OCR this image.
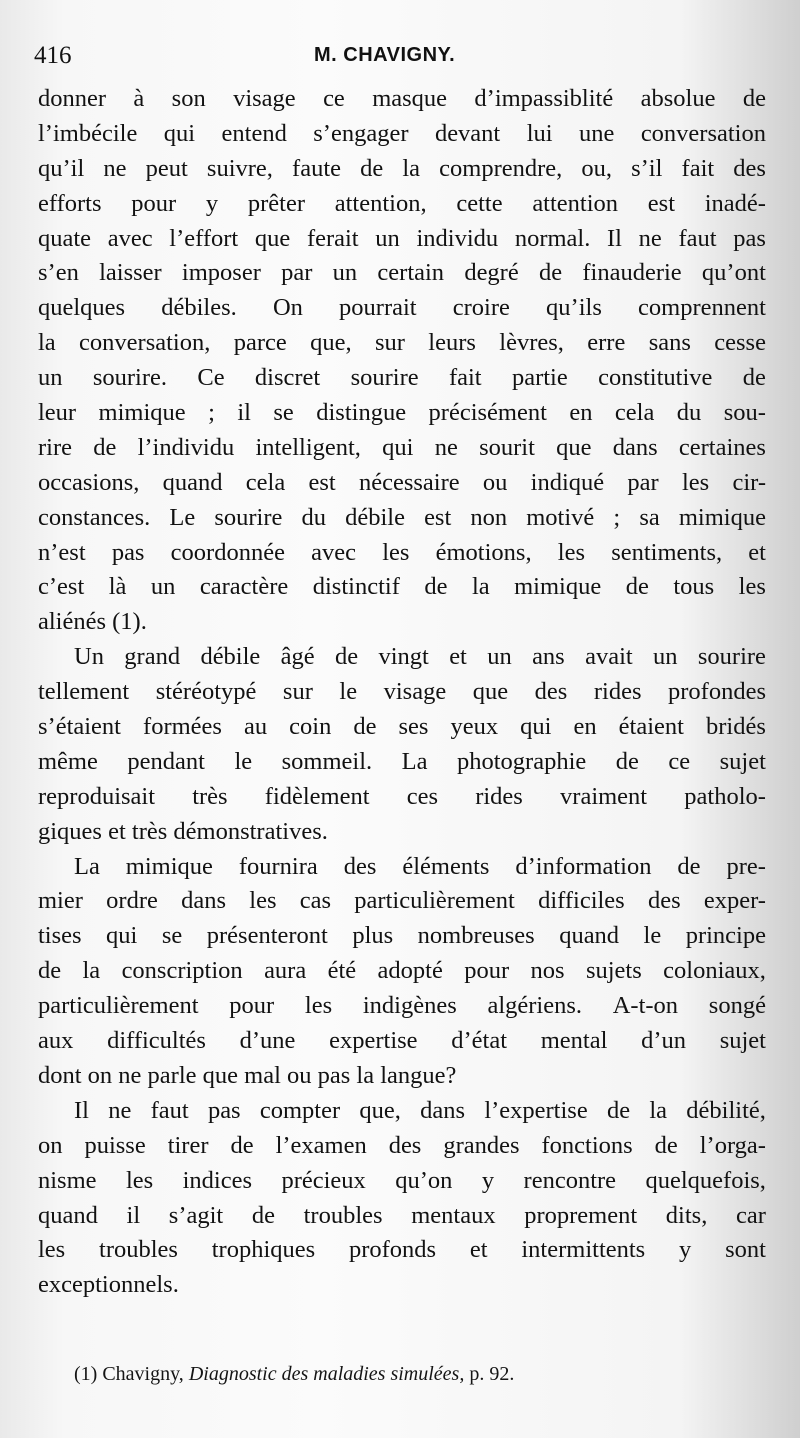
416	M. CHAVIGNY.
donner à son visage ce masque d’impassiblité absolue de
l’imbécile qui entend s’engager devant lui une conversation
qu’il ne peut suivre, faute de la comprendre, ou, s’il fait des
efforts pour y prêter attention, cette attention est inadé-
quate avec l’effort que ferait un individu normal. Il ne faut pas
s’en laisser imposer par un certain degré de finauderie qu’ont
quelques débiles. On pourrait croire qu’ils comprennent
la conversation, parce que, sur leurs lèvres, erre sans cesse
un sourire. Ce discret sourire fait partie constitutive de
leur mimique ; il se distingue précisément en cela du sou-
rire de l’individu intelligent, qui ne sourit que dans certaines
occasions, quand cela est nécessaire ou indiqué par les cir-
constances. Le sourire du débile est non motivé ; sa mimique
n’est pas coordonnée avec les émotions, les sentiments, et
c’est là un caractère distinctif de la mimique de tous les
aliénés (1).
Un grand débile âgé de vingt et un ans avait un sourire
tellement stéréotypé sur le visage que des rides profondes
s’étaient formées au coin de ses yeux qui en étaient bridés
même pendant le sommeil. La photographie de ce sujet
reproduisait très fidèlement ces rides vraiment patholo-
giques et très démonstratives.
La mimique fournira des éléments d’information de pre-
mier ordre dans les cas particulièrement difficiles des exper-
tises qui se présenteront plus nombreuses quand le principe
de la conscription aura été adopté pour nos sujets coloniaux,
particulièrement pour les indigènes algériens. A-t-on songé
aux difficultés d’une expertise d’état mental d’un sujet
dont on ne parle que mal ou pas la langue?
Il ne faut pas compter que, dans l’expertise de la débilité,
on puisse tirer de l’examen des grandes fonctions de l’orga-
nisme les indices précieux qu’on y rencontre quelquefois,
quand il s’agit de troubles mentaux proprement dits, car
les troubles trophiques profonds et intermittents y sont
exceptionnels.
(1) Chavigny, Diagnostic des maladies simulées, p. 92.
